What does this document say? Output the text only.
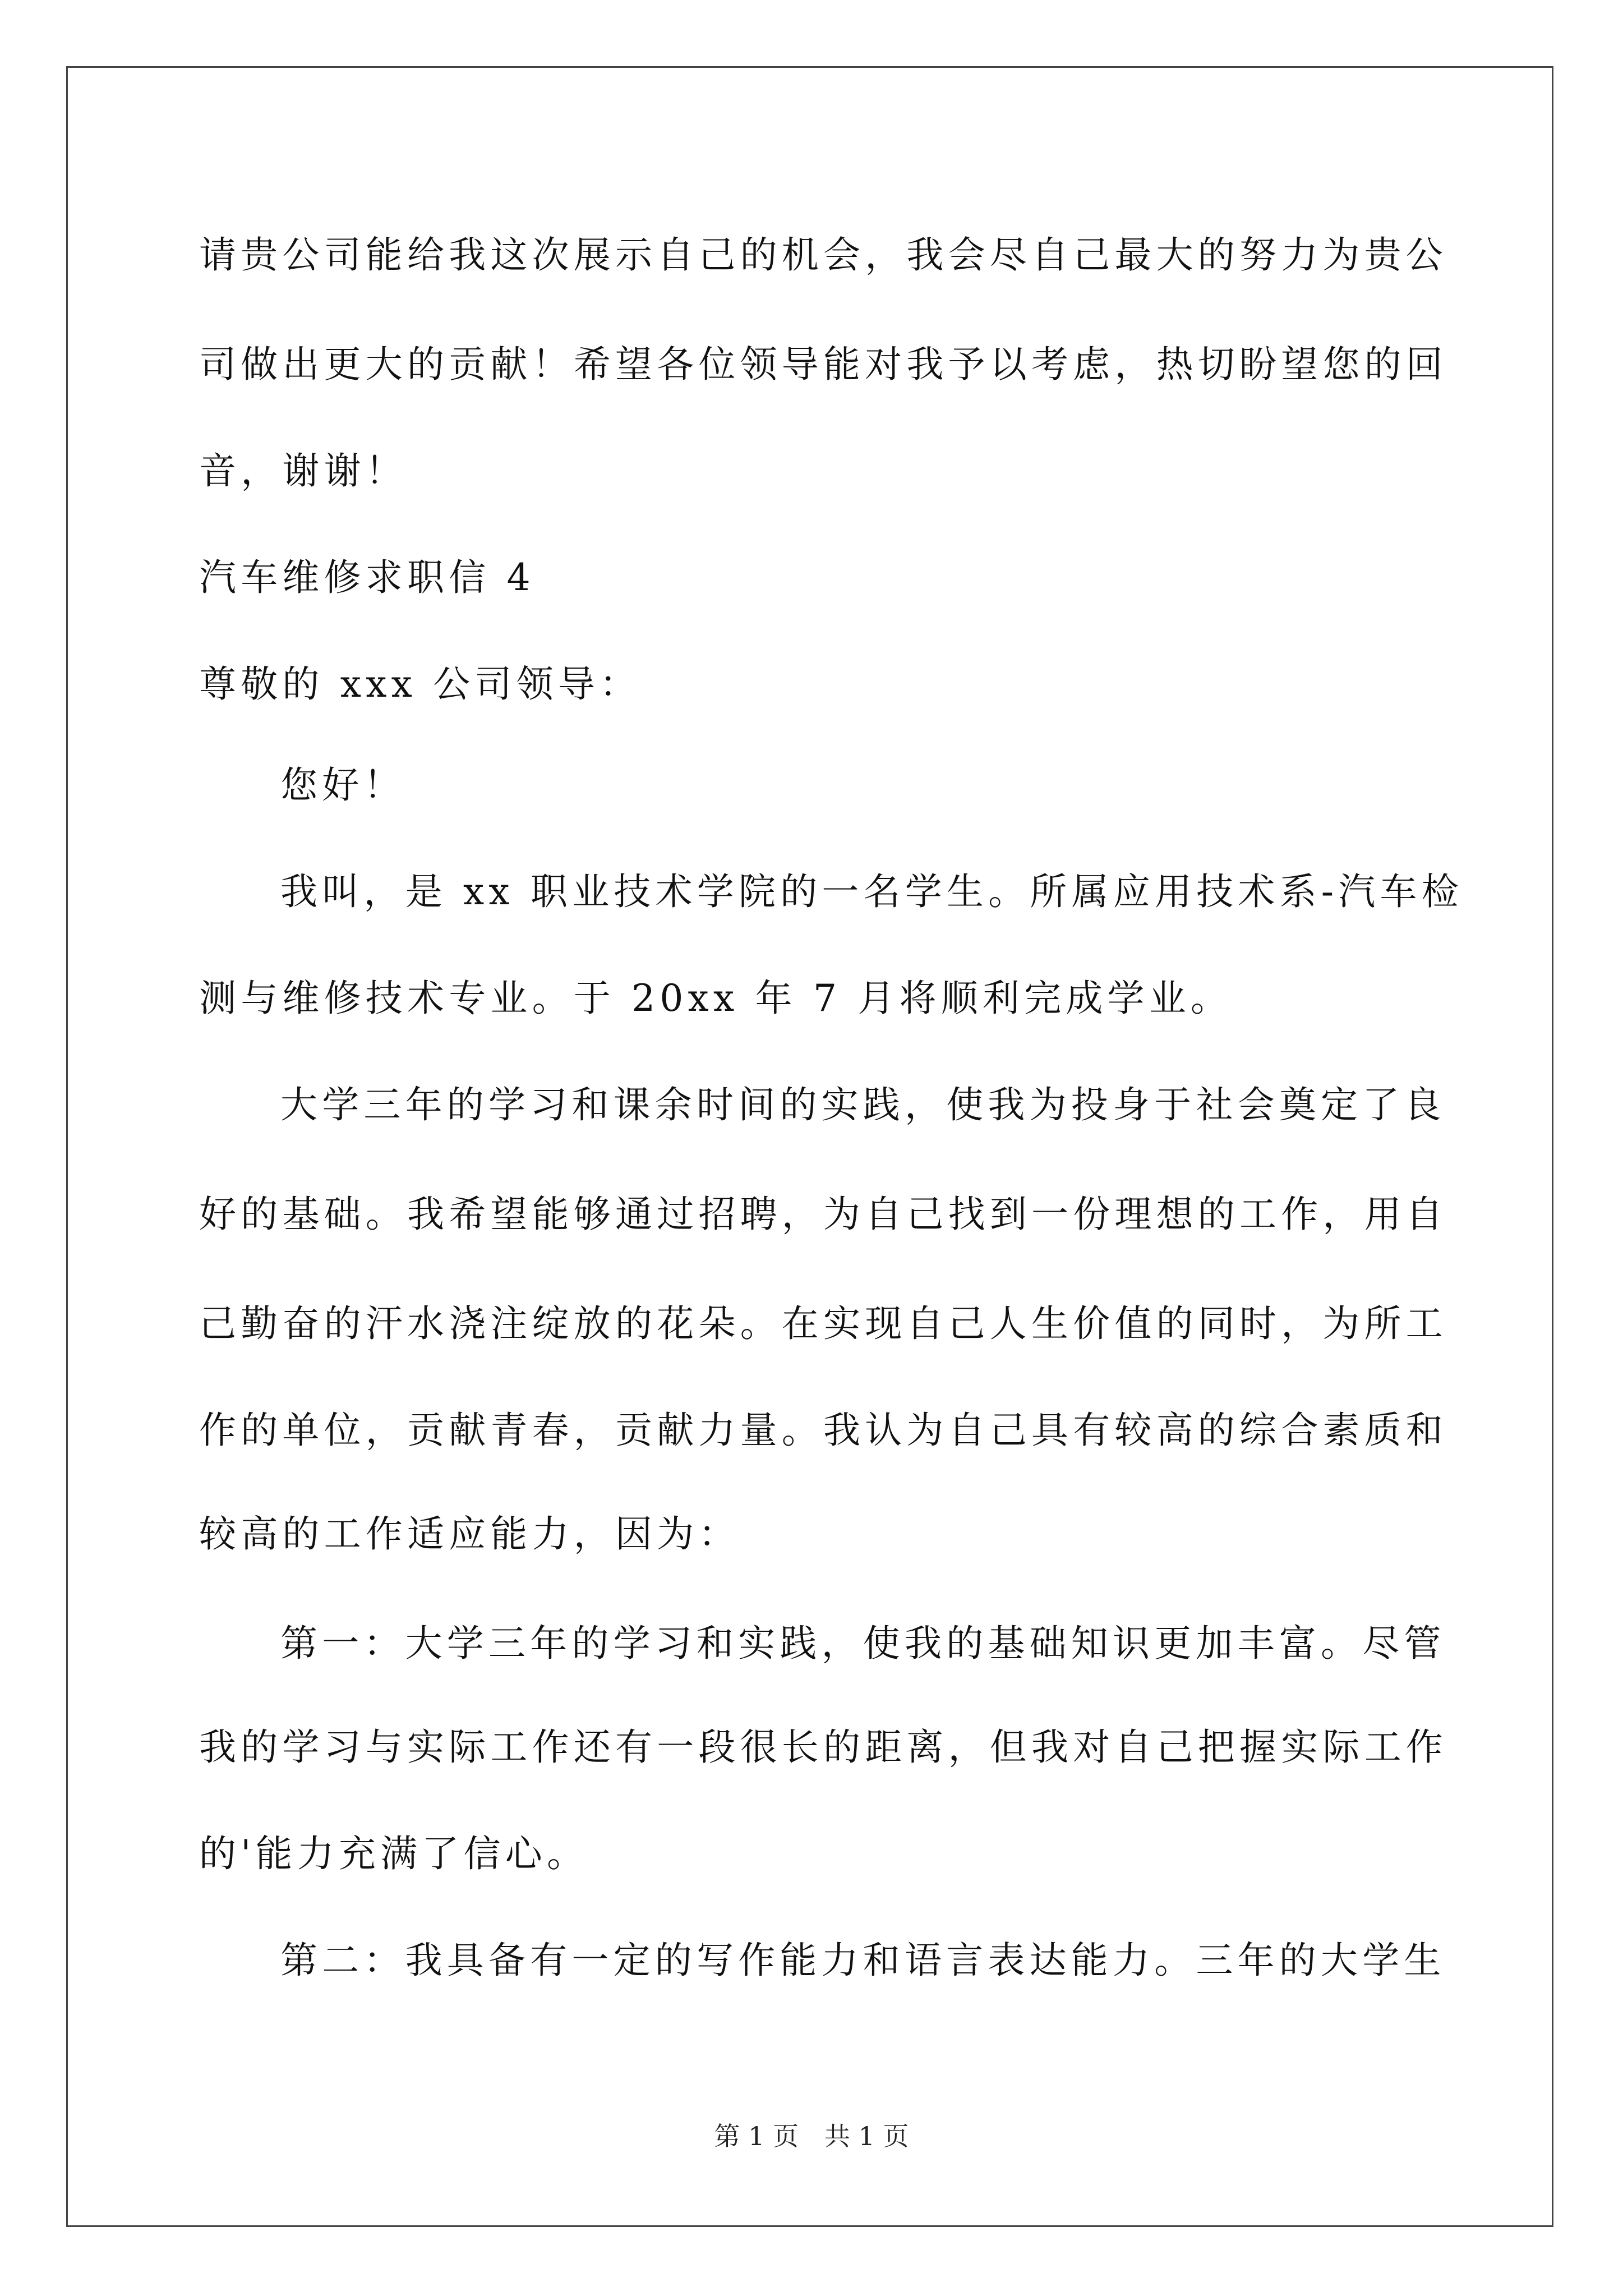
请贵公司能给我这次展示自己的机会，我会尽自己最大的努力为贵公

司做出更大的贡献！希望各位领导能对我予以考虑，热切盼望您的回

音，谢谢！

汽车维修求职信 4

尊敬的 xxx 公司领导：

您好！

我叫，是 xx 职业技术学院的一名学生。所属应用技术系-汽车检

测与维修技术专业。于 20xx 年 7 月将顺利完成学业。

大学三年的学习和课余时间的实践，使我为投身于社会奠定了良

好的基础。我希望能够通过招聘，为自己找到一份理想的工作，用自

己勤奋的汗水浇注绽放的花朵。在实现自己人生价值的同时，为所工

作的单位，贡献青春，贡献力量。我认为自己具有较高的综合素质和

较高的工作适应能力，因为：

第一：大学三年的学习和实践，使我的基础知识更加丰富。尽管

我的学习与实际工作还有一段很长的距离，但我对自己把握实际工作

的'能力充满了信心。

第二：我具备有一定的写作能力和语言表达能力。三年的大学生

第 1 页　共 1 页
